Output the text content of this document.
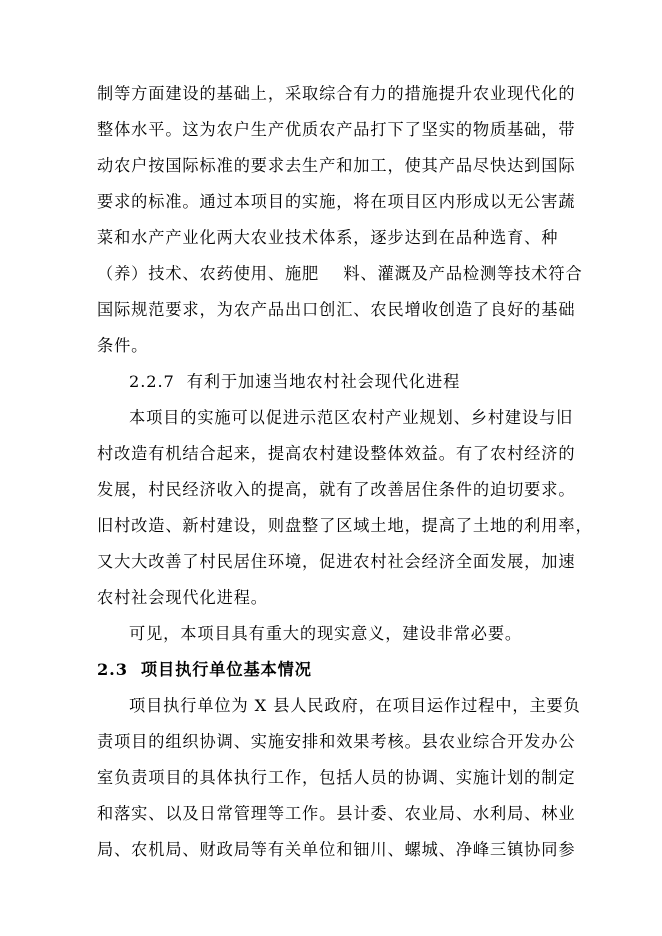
制等方面建设的基础上，采取综合有力的措施提升农业现代化的
整体水平。这为农户生产优质农产品打下了坚实的物质基础，带
动农户按国际标准的要求去生产和加工，使其产品尽快达到国际
要求的标准。通过本项目的实施，将在项目区内形成以无公害蔬
菜和水产产业化两大农业技术体系，逐步达到在品种选育、种
（养）技术、农药使用、施肥    料、灌溉及产品检测等技术符合
国际规范要求，为农产品出口创汇、农民增收创造了良好的基础
条件。
2.2.7  有利于加速当地农村社会现代化进程
本项目的实施可以促进示范区农村产业规划、乡村建设与旧
村改造有机结合起来，提高农村建设整体效益。有了农村经济的
发展，村民经济收入的提高，就有了改善居住条件的迫切要求。
旧村改造、新村建设，则盘整了区域土地，提高了土地的利用率，
又大大改善了村民居住环境，促进农村社会经济全面发展，加速
农村社会现代化进程。
可见，本项目具有重大的现实意义，建设非常必要。
2.3  项目执行单位基本情况
项目执行单位为 X 县人民政府，在项目运作过程中，主要负
责项目的组织协调、实施安排和效果考核。县农业综合开发办公
室负责项目的具体执行工作，包括人员的协调、实施计划的制定
和落实、以及日常管理等工作。县计委、农业局、水利局、林业
局、农机局、财政局等有关单位和钿川、螺城、净峰三镇协同参
